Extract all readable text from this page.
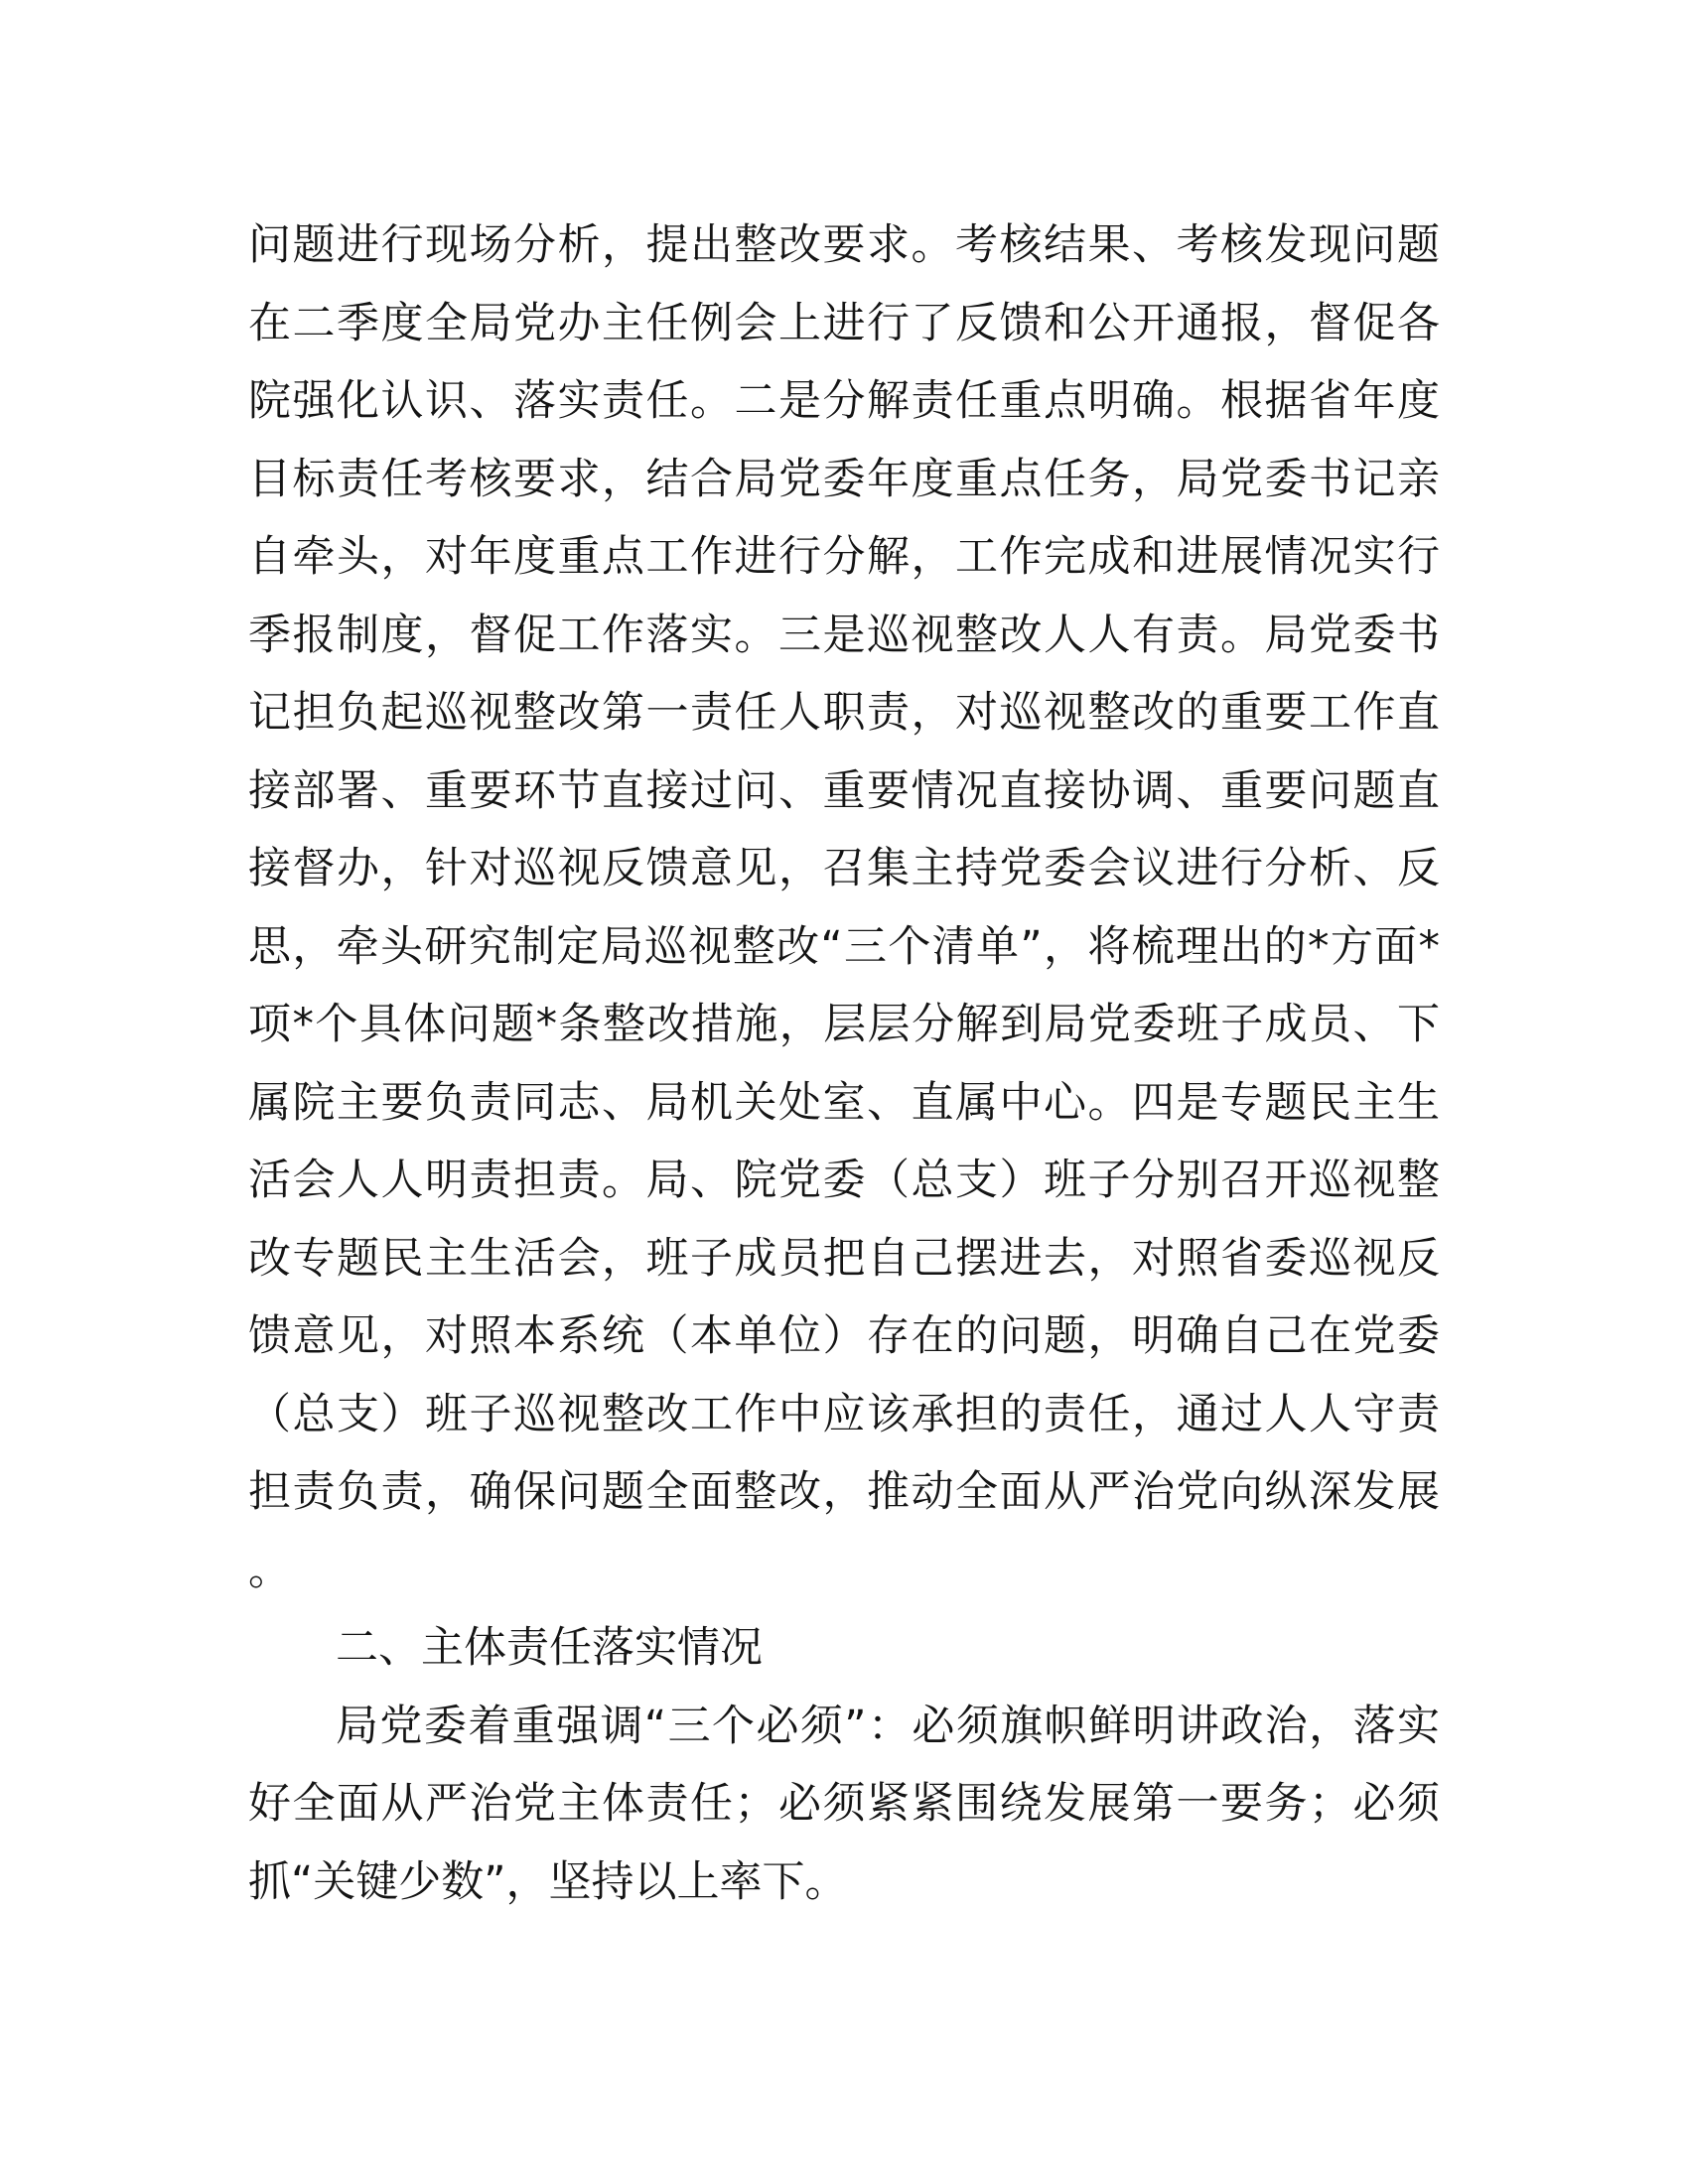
问题进行现场分析，提出整改要求。考核结果、考核发现问题在二季度全局党办主任例会上进行了反馈和公开通报，督促各院强化认识、落实责任。二是分解责任重点明确。根据省年度目标责任考核要求，结合局党委年度重点任务，局党委书记亲自牵头，对年度重点工作进行分解，工作完成和进展情况实行季报制度，督促工作落实。三是巡视整改人人有责。局党委书记担负起巡视整改第一责任人职责，对巡视整改的重要工作直接部署、重要环节直接过问、重要情况直接协调、重要问题直接督办，针对巡视反馈意见，召集主持党委会议进行分析、反思，牵头研究制定局巡视整改“三个清单”，将梳理出的*方面*项*个具体问题*条整改措施，层层分解到局党委班子成员、下属院主要负责同志、局机关处室、直属中心。四是专题民主生活会人人明责担责。局、院党委（总支）班子分别召开巡视整改专题民主生活会，班子成员把自己摆进去，对照省委巡视反馈意见，对照本系统（本单位）存在的问题，明确自己在党委（总支）班子巡视整改工作中应该承担的责任，通过人人守责担责负责，确保问题全面整改，推动全面从严治党向纵深发展。

二、主体责任落实情况

局党委着重强调“三个必须”：必须旗帜鲜明讲政治，落实好全面从严治党主体责任；必须紧紧围绕发展第一要务；必须抓“关键少数”，坚持以上率下。
